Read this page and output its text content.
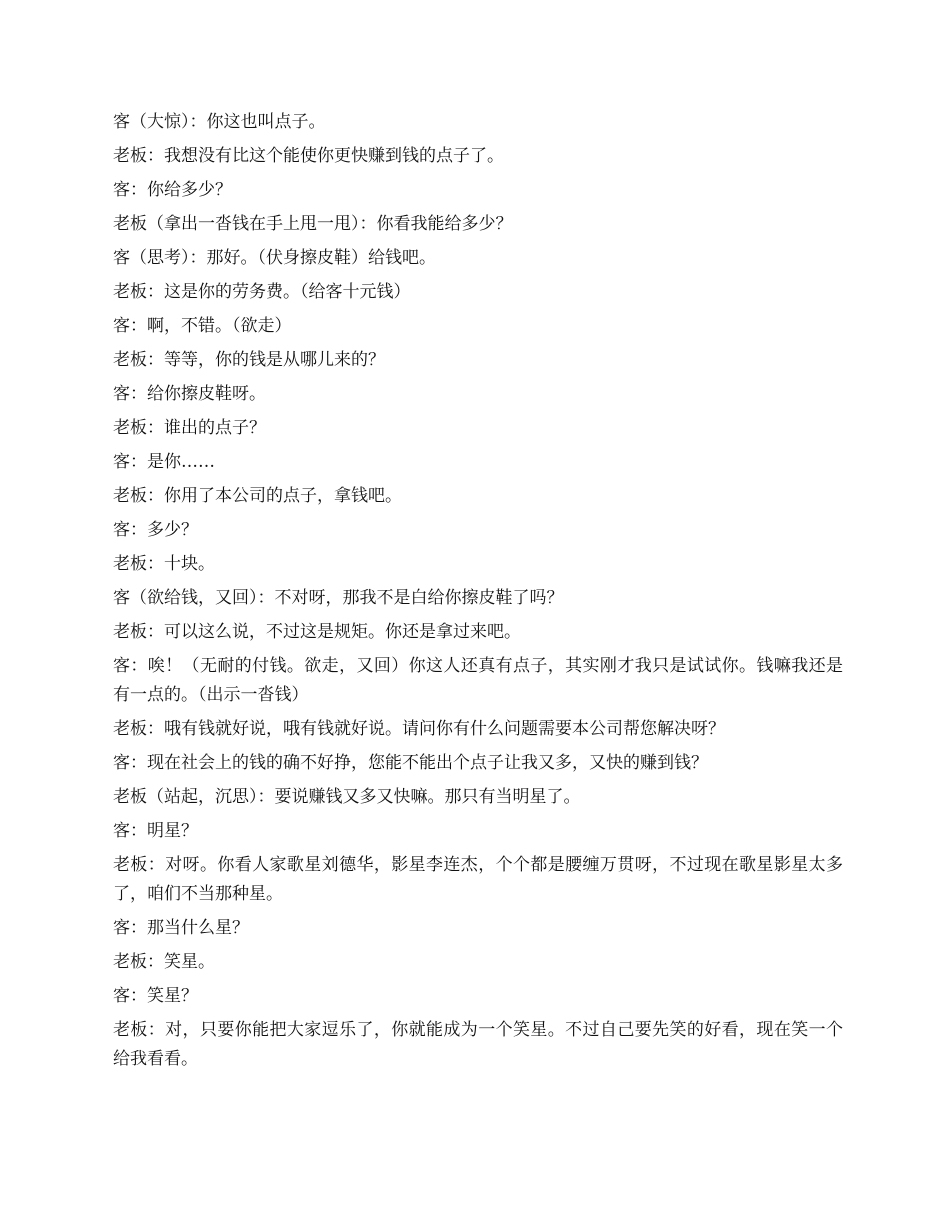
客（大惊）：你这也叫点子。

老板：我想没有比这个能使你更快赚到钱的点子了。

客：你给多少？

老板（拿出一沓钱在手上甩一甩）：你看我能给多少？

客（思考）：那好。（伏身擦皮鞋）给钱吧。

老板：这是你的劳务费。（给客十元钱）

客：啊，不错。（欲走）

老板：等等，你的钱是从哪儿来的？

客：给你擦皮鞋呀。

老板：谁出的点子？

客：是你……

老板：你用了本公司的点子，拿钱吧。

客：多少？

老板：十块。

客（欲给钱，又回）：不对呀，那我不是白给你擦皮鞋了吗？

老板：可以这么说，不过这是规矩。你还是拿过来吧。

客：唉！（无耐的付钱。欲走，又回）你这人还真有点子，其实刚才我只是试试你。钱嘛我还是有一点的。（出示一沓钱）

老板：哦有钱就好说，哦有钱就好说。请问你有什么问题需要本公司帮您解决呀？

客：现在社会上的钱的确不好挣，您能不能出个点子让我又多，又快的赚到钱？

老板（站起，沉思）：要说赚钱又多又快嘛。那只有当明星了。

客：明星？

老板：对呀。你看人家歌星刘德华，影星李连杰，个个都是腰缠万贯呀，不过现在歌星影星太多了，咱们不当那种星。

客：那当什么星？

老板：笑星。

客：笑星？

老板：对，只要你能把大家逗乐了，你就能成为一个笑星。不过自己要先笑的好看，现在笑一个给我看看。
